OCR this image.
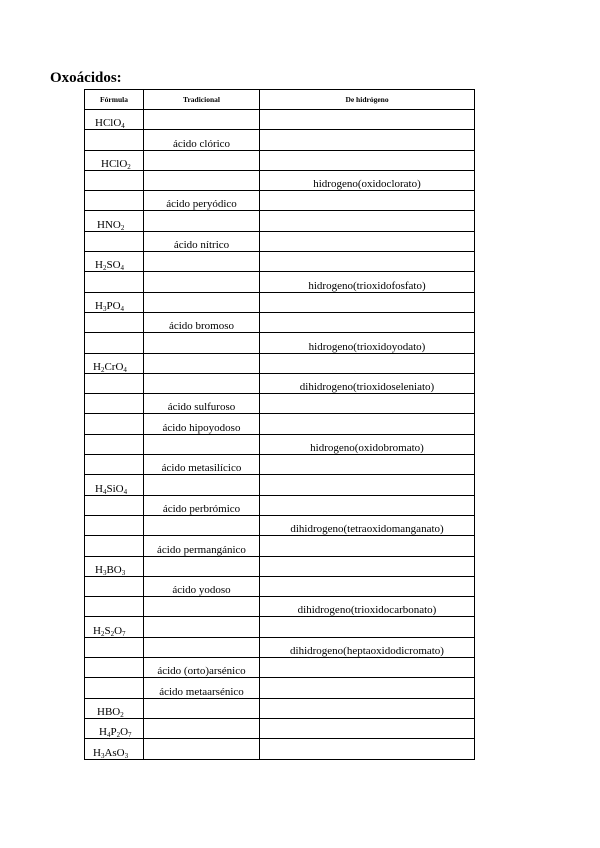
Oxoácidos:
Fórmula	Tradicional	De hidrógeno
HClO$_4$		
	ácido clórico	
HClO$_2$		
		hidrogeno(oxidoclorato)
	ácido peryódico	
$HNO_2$		
	ácido nítrico	
$H_2SO_4$		
		hidrogeno(trioxidofosfato)
$H_3PO_4$		
	ácido bromoso	
		hidrogeno(trioxidoyodato)
$H_2CrO_4$		
		dihidrogeno(trioxidoseleniato)
	ácido sulfuroso	
	ácido hipoyodoso	
		hidrogeno(oxidobromato)
	ácido metasilícico	
$H_4SiO_4$		
	ácido perbrómico	
		dihidrogeno(tetraoxidomanganato)
	ácido permangánico	
$H_3BO_3$		
	ácido yodoso	
		dihidrogeno(trioxidocarbonato)
$H_2S_2O_7$		
		dihidrogeno(heptaoxidodicromato)
	ácido (orto)arsénico	
	ácido metaarsénico	
$HBO_2$		
$H_4P_2O_7$		
$H_3AsO_3$		
